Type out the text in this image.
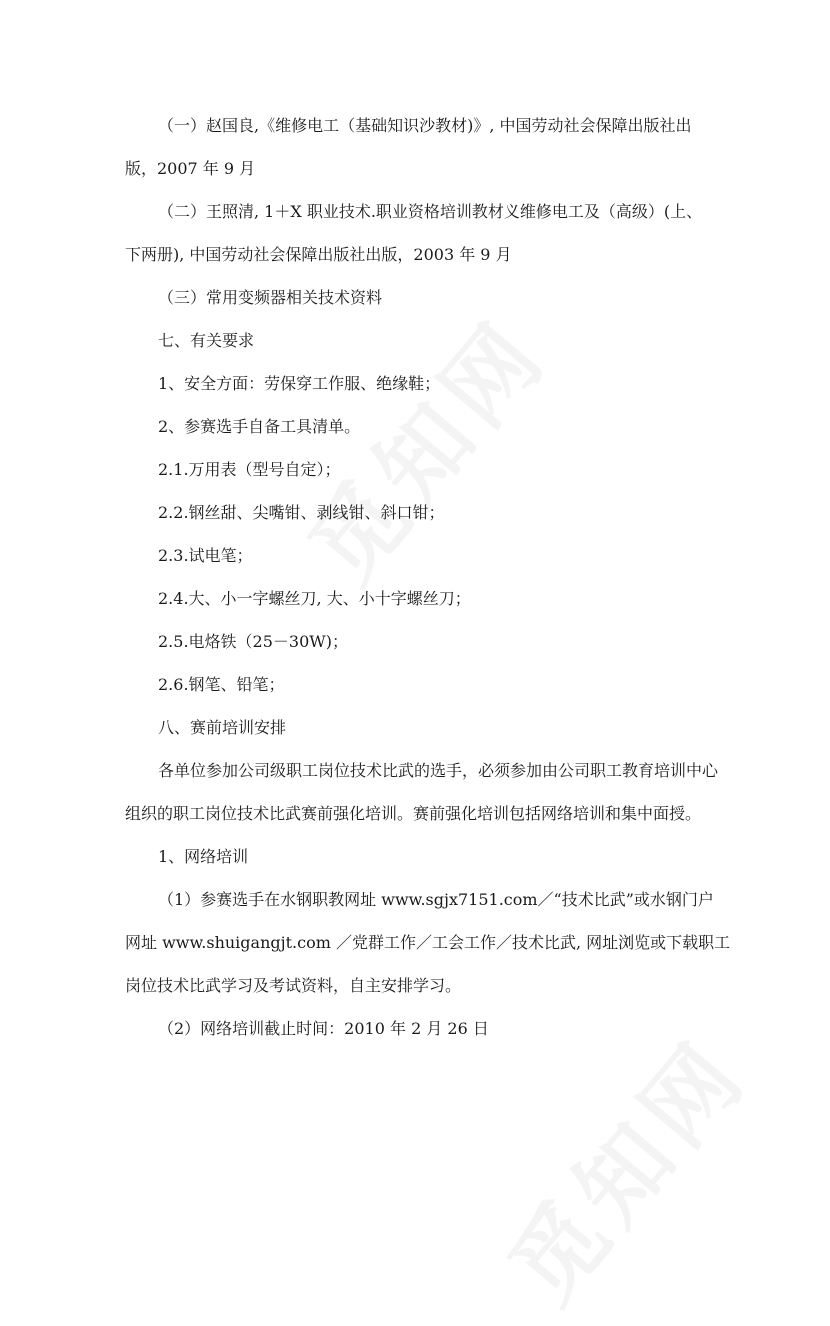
（一）赵国良,《维修电工（基础知识沙教材)》, 中国劳动社会保障出版社出

版，2007 年 9 月

（二）王照清, 1＋X 职业技术.职业资格培训教材义维修电工及（高级）(上、

下两册), 中国劳动社会保障出版社出版，2003 年 9 月

（三）常用变频器相关技术资料

七、有关要求

1、安全方面：劳保穿工作服、绝缘鞋；

2、参赛选手自备工具清单。

2.1.万用表（型号自定）；

2.2.钢丝甜、尖嘴钳、剥线钳、斜口钳；

2.3.试电笔；

2.4.大、小一字螺丝刀, 大、小十字螺丝刀；

2.5.电烙铁（25－30W)；

2.6.钢笔、铅笔；

八、赛前培训安排

各单位参加公司级职工岗位技术比武的选手，必须参加由公司职工教育培训中心

组织的职工岗位技术比武赛前强化培训。赛前强化培训包括网络培训和集中面授。

1、网络培训

（1）参赛选手在水钢职教网址 www.sgjx7151.com／“技术比武”或水钢门户

网址 www.shuigangjt.com ／党群工作／工会工作／技术比武, 网址浏览或下载职工

岗位技术比武学习及考试资料，自主安排学习。

（2）网络培训截止时间：2010 年 2 月 26 日
